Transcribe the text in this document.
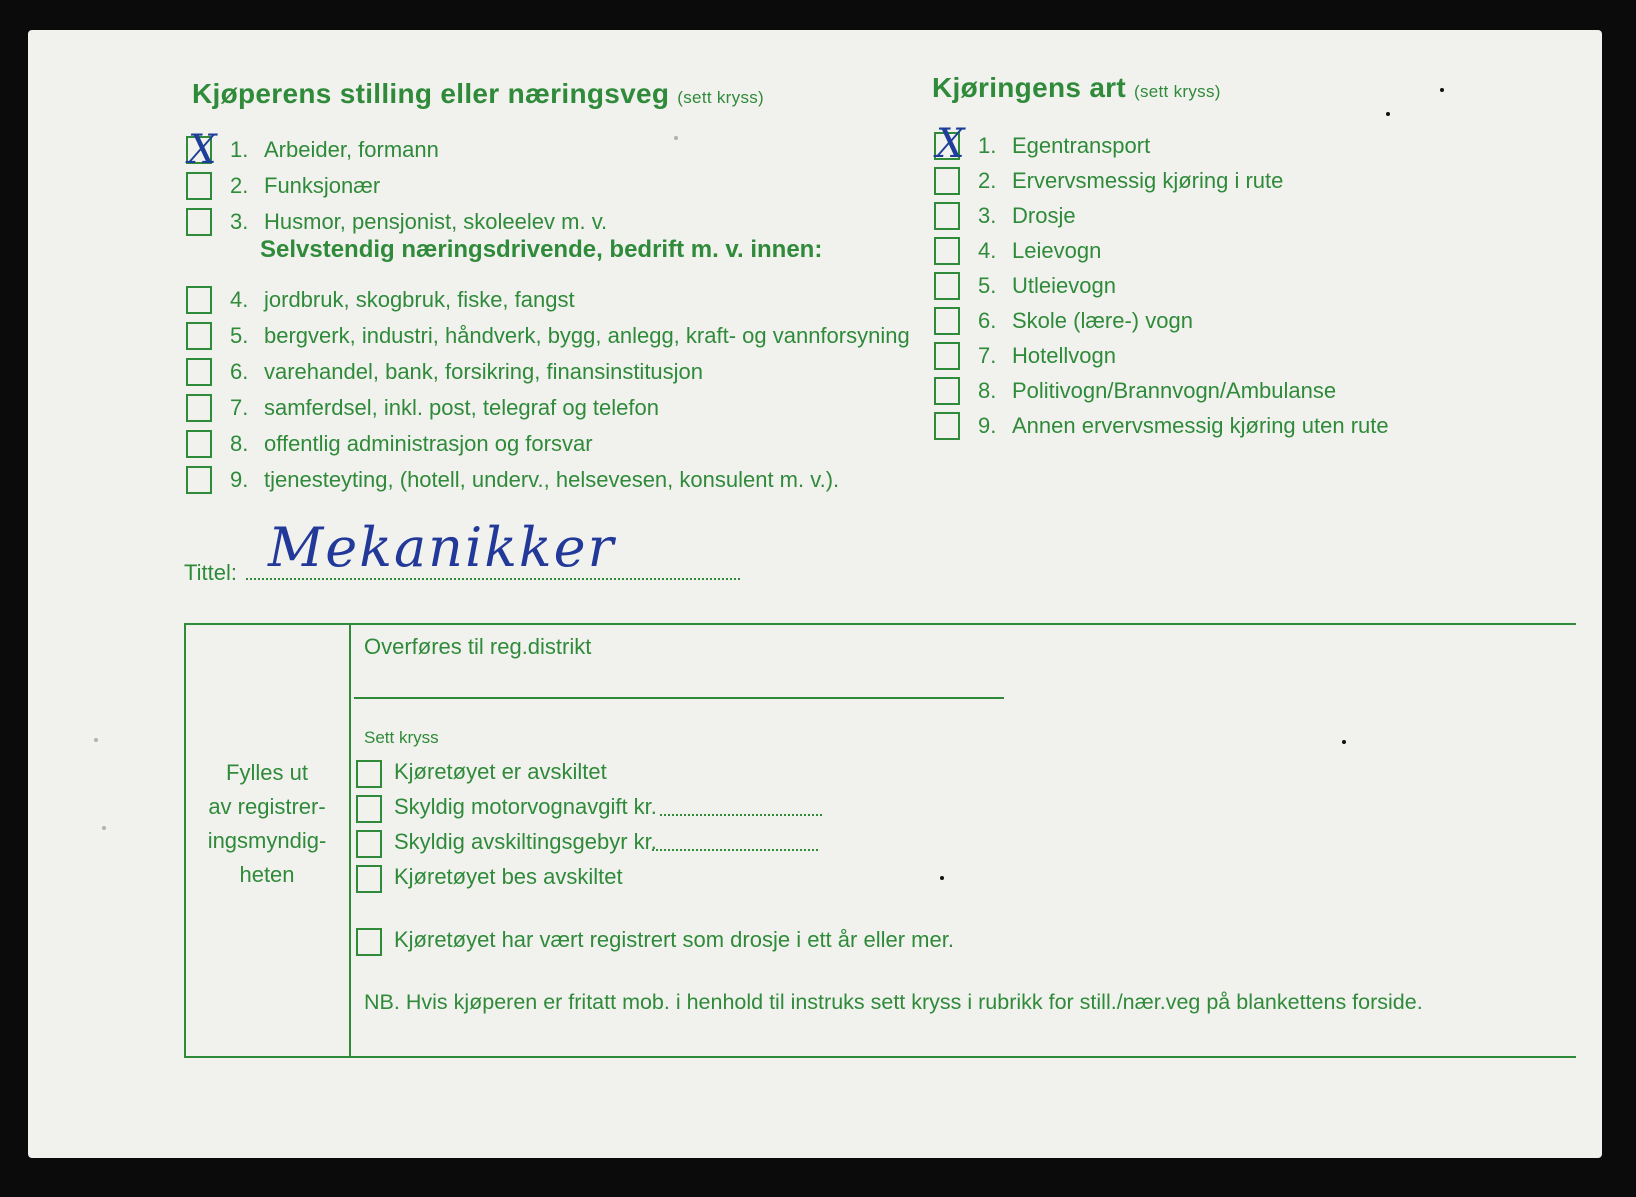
Kjøperens stilling eller næringsveg (sett kryss)
X 1. Arbeider, formann
2. Funksjonær
3. Husmor, pensjonist, skoleelev m. v.
Selvstendig næringsdrivende, bedrift m. v. innen:
4. jordbruk, skogbruk, fiske, fangst
5. bergverk, industri, håndverk, bygg, anlegg, kraft- og vannforsyning
6. varehandel, bank, forsikring, finansinstitusjon
7. samferdsel, inkl. post, telegraf og telefon
8. offentlig administrasjon og forsvar
9. tjenesteyting, (hotell, underv., helsevesen, konsulent m. v.).
Kjøringens art (sett kryss)
X 1. Egentransport
2. Ervervsmessig kjøring i rute
3. Drosje
4. Leievogn
5. Utleievogn
6. Skole (lære-) vogn
7. Hotellvogn
8. Politivogn/Brannvogn/Ambulanse
9. Annen ervervsmessig kjøring uten rute
Tittel: Mekanikker
Fylles ut
av registrer-
ingsmyndig-
heten
Overføres til reg.distrikt
Sett kryss
Kjøretøyet er avskiltet
Skyldig motorvognavgift kr.
Skyldig avskiltingsgebyr kr.
Kjøretøyet bes avskiltet
Kjøretøyet har vært registrert som drosje i ett år eller mer.
NB. Hvis kjøperen er fritatt mob. i henhold til instruks sett kryss i rubrikk for still./nær.veg på blankettens forside.
